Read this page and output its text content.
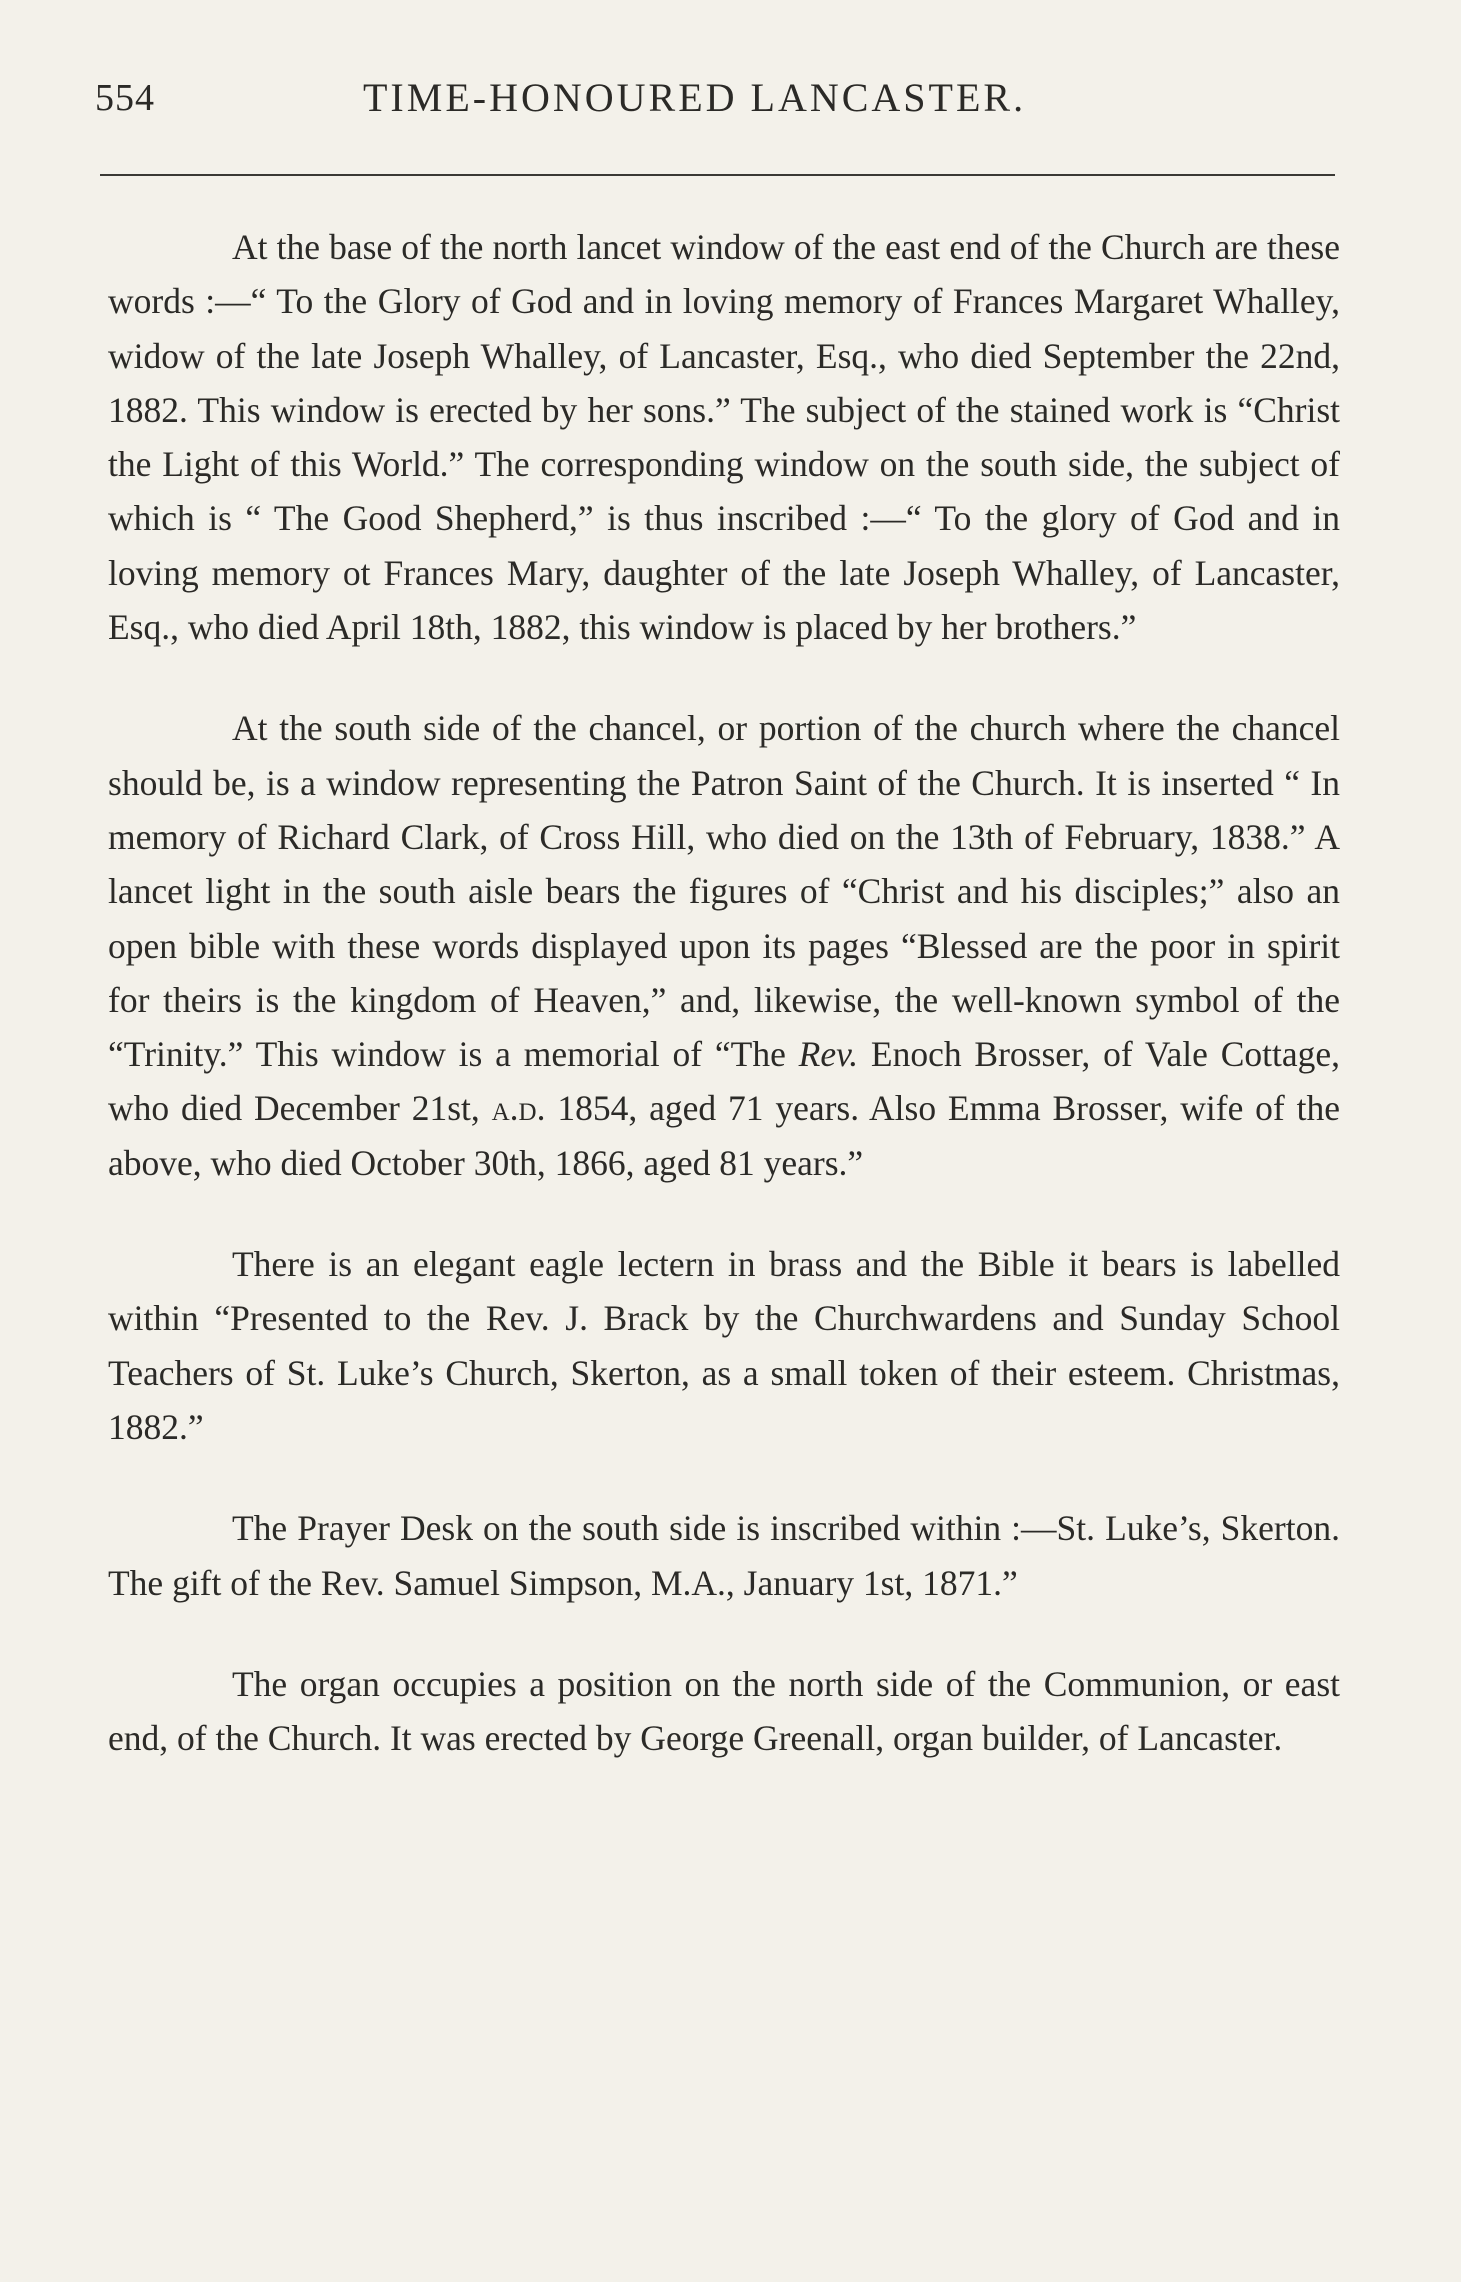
554	TIME-HONOURED LANCASTER.

At the base of the north lancet window of the east end of the Church are these words :—“ To the Glory of God and in loving memory of Frances Margaret Whalley, widow of the late Joseph Whalley, of Lancaster, Esq., who died September the 22nd, 1882. This window is erected by her sons.” The subject of the stained work is “Christ the Light of this World.” The corresponding window on the south side, the subject of which is “ The Good Shepherd,” is thus inscribed :—“ To the glory of God and in loving memory ot Frances Mary, daughter of the late Joseph Whalley, of Lancaster, Esq., who died April 18th, 1882, this window is placed by her brothers.”

At the south side of the chancel, or portion of the church where the chancel should be, is a window representing the Patron Saint of the Church. It is inserted “ In memory of Richard Clark, of Cross Hill, who died on the 13th of February, 1838.” A lancet light in the south aisle bears the figures of “Christ and his disciples;” also an open bible with these words displayed upon its pages “Blessed are the poor in spirit for theirs is the kingdom of Heaven,” and, likewise, the well-known symbol of the “Trinity.” This window is a memorial of “The Rev. Enoch Brosser, of Vale Cottage, who died December 21st, a.d. 1854, aged 71 years. Also Emma Brosser, wife of the above, who died October 30th, 1866, aged 81 years.”

There is an elegant eagle lectern in brass and the Bible it bears is labelled within “Presented to the Rev. J. Brack by the Churchwardens and Sunday School Teachers of St. Luke’s Church, Skerton, as a small token of their esteem. Christmas, 1882.”

The Prayer Desk on the south side is inscribed within :—St. Luke’s, Skerton. The gift of the Rev. Samuel Simpson, M.A., January 1st, 1871.”

The organ occupies a position on the north side of the Communion, or east end, of the Church. It was erected by George Greenall, organ builder, of Lancaster.
